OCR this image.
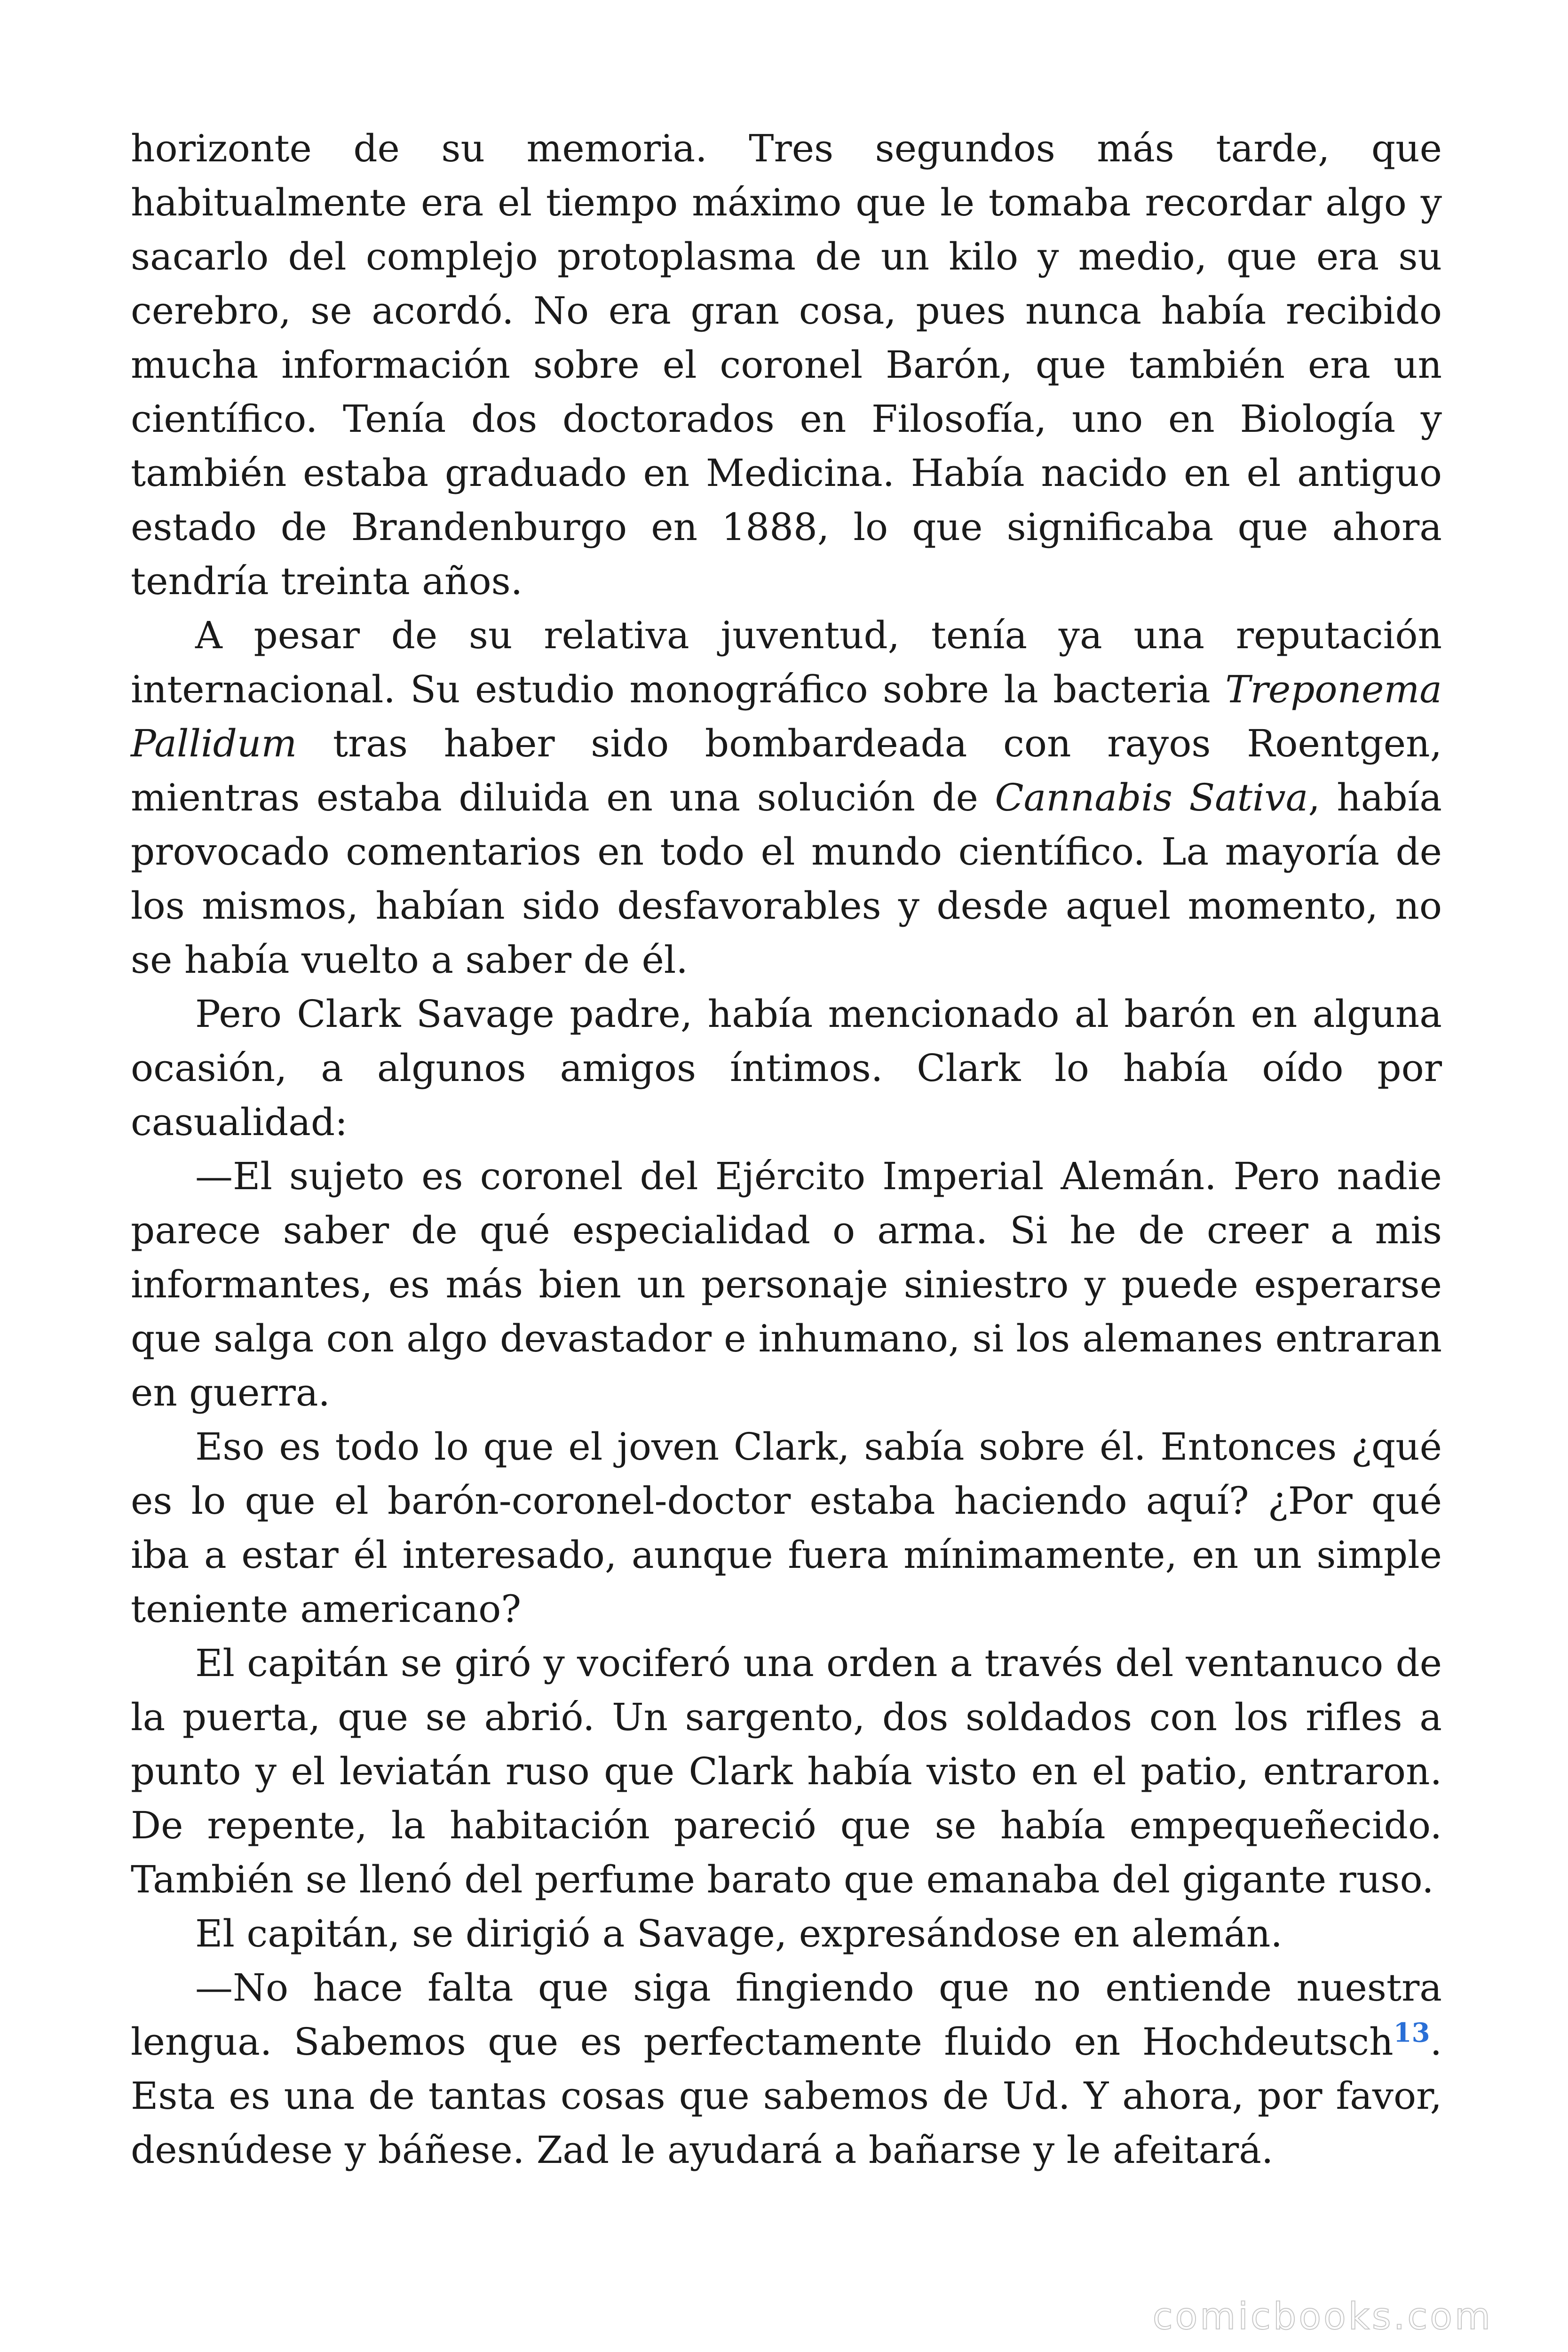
horizonte de su memoria. Tres segundos más tarde, que habitualmente era el tiempo máximo que le tomaba recordar algo y sacarlo del complejo protoplasma de un kilo y medio, que era su cerebro, se acordó. No era gran cosa, pues nunca había recibido mucha información sobre el coronel Barón, que también era un científico. Tenía dos doctorados en Filosofía, uno en Biología y también estaba graduado en Medicina. Había nacido en el antiguo estado de Brandenburgo en 1888, lo que significaba que ahora tendría treinta años.

A pesar de su relativa juventud, tenía ya una reputación internacional. Su estudio monográfico sobre la bacteria Treponema Pallidum tras haber sido bombardeada con rayos Roentgen, mientras estaba diluida en una solución de Cannabis Sativa, había provocado comentarios en todo el mundo científico. La mayoría de los mismos, habían sido desfavorables y desde aquel momento, no se había vuelto a saber de él.

Pero Clark Savage padre, había mencionado al barón en alguna ocasión, a algunos amigos íntimos. Clark lo había oído por casualidad:

—El sujeto es coronel del Ejército Imperial Alemán. Pero nadie parece saber de qué especialidad o arma. Si he de creer a mis informantes, es más bien un personaje siniestro y puede esperarse que salga con algo devastador e inhumano, si los alemanes entraran en guerra.

Eso es todo lo que el joven Clark, sabía sobre él. Entonces ¿qué es lo que el barón-coronel-doctor estaba haciendo aquí? ¿Por qué iba a estar él interesado, aunque fuera mínimamente, en un simple teniente americano?

El capitán se giró y vociferó una orden a través del ventanuco de la puerta, que se abrió. Un sargento, dos soldados con los rifles a punto y el leviatán ruso que Clark había visto en el patio, entraron. De repente, la habitación pareció que se había empequeñecido. También se llenó del perfume barato que emanaba del gigante ruso.

El capitán, se dirigió a Savage, expresándose en alemán.

—No hace falta que siga fingiendo que no entiende nuestra lengua. Sabemos que es perfectamente fluido en Hochdeutsch$^{13}$. Esta es una de tantas cosas que sabemos de Ud. Y ahora, por favor, desnúdese y báñese. Zad le ayudará a bañarse y le afeitará.

comicbooks.com
